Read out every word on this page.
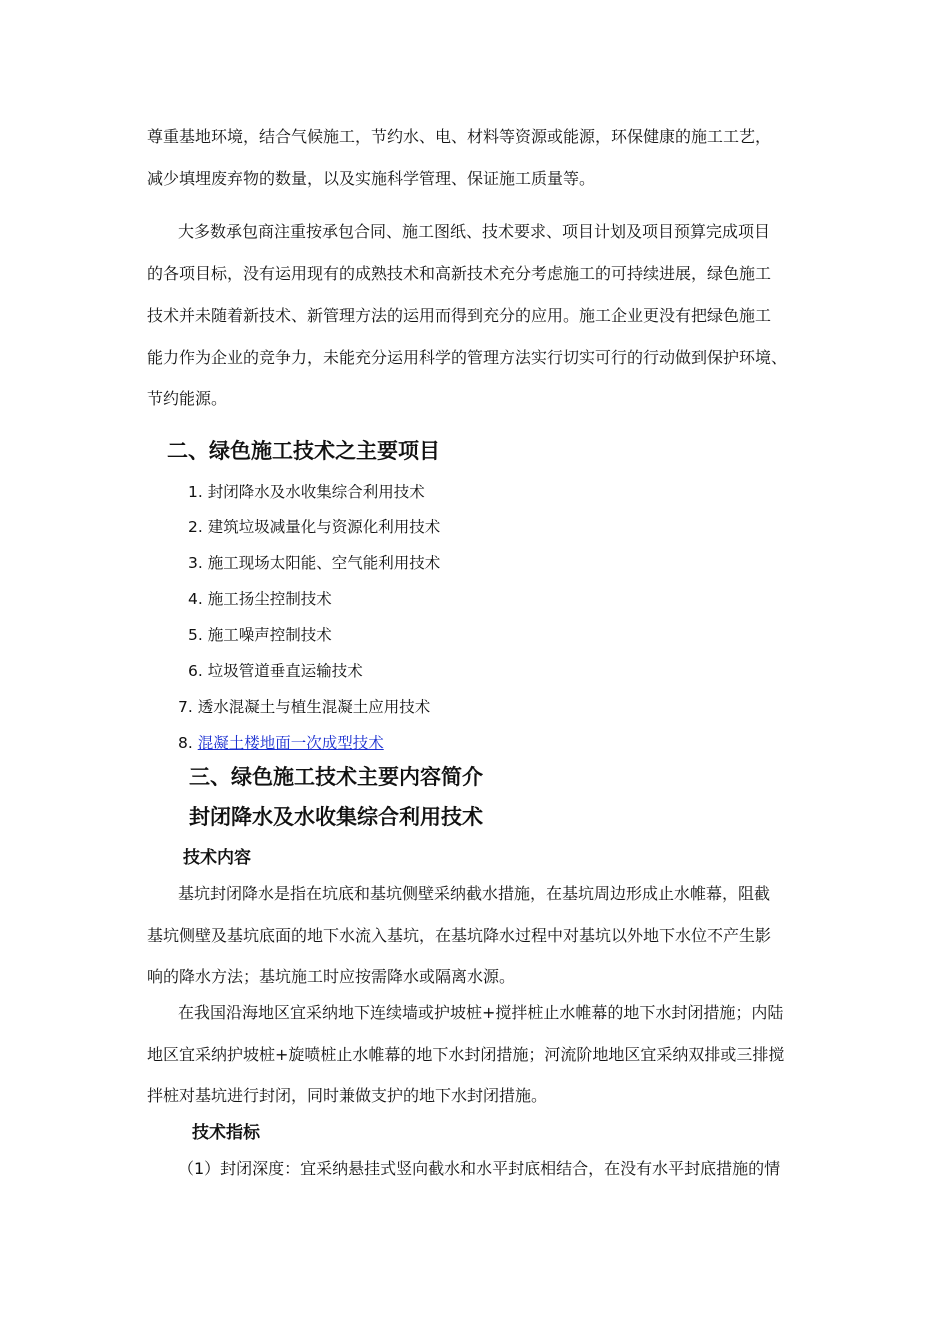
尊重基地环境，结合气候施工，节约水、电、材料等资源或能源，环保健康的施工工艺，
减少填埋废弃物的数量，以及实施科学管理、保证施工质量等。
大多数承包商注重按承包合同、施工图纸、技术要求、项目计划及项目预算完成项目
的各项目标，没有运用现有的成熟技术和高新技术充分考虑施工的可持续进展，绿色施工
技术并未随着新技术、新管理方法的运用而得到充分的应用。施工企业更没有把绿色施工
能力作为企业的竞争力，未能充分运用科学的管理方法实行切实可行的行动做到保护环境、
节约能源。
二、绿色施工技术之主要项目
1. 封闭降水及水收集综合利用技术
2. 建筑垃圾减量化与资源化利用技术
3. 施工现场太阳能、空气能利用技术
4. 施工扬尘控制技术
5. 施工噪声控制技术
6. 垃圾管道垂直运输技术
7. 透水混凝土与植生混凝土应用技术
8. 混凝土楼地面一次成型技术
三、绿色施工技术主要内容简介
封闭降水及水收集综合利用技术
技术内容
基坑封闭降水是指在坑底和基坑侧壁采纳截水措施，在基坑周边形成止水帷幕，阻截
基坑侧壁及基坑底面的地下水流入基坑，在基坑降水过程中对基坑以外地下水位不产生影
响的降水方法；基坑施工时应按需降水或隔离水源。
在我国沿海地区宜采纳地下连续墙或护坡桩+搅拌桩止水帷幕的地下水封闭措施；内陆
地区宜采纳护坡桩+旋喷桩止水帷幕的地下水封闭措施；河流阶地地区宜采纳双排或三排搅
拌桩对基坑进行封闭，同时兼做支护的地下水封闭措施。
技术指标
（1）封闭深度：宜采纳悬挂式竖向截水和水平封底相结合，在没有水平封底措施的情
